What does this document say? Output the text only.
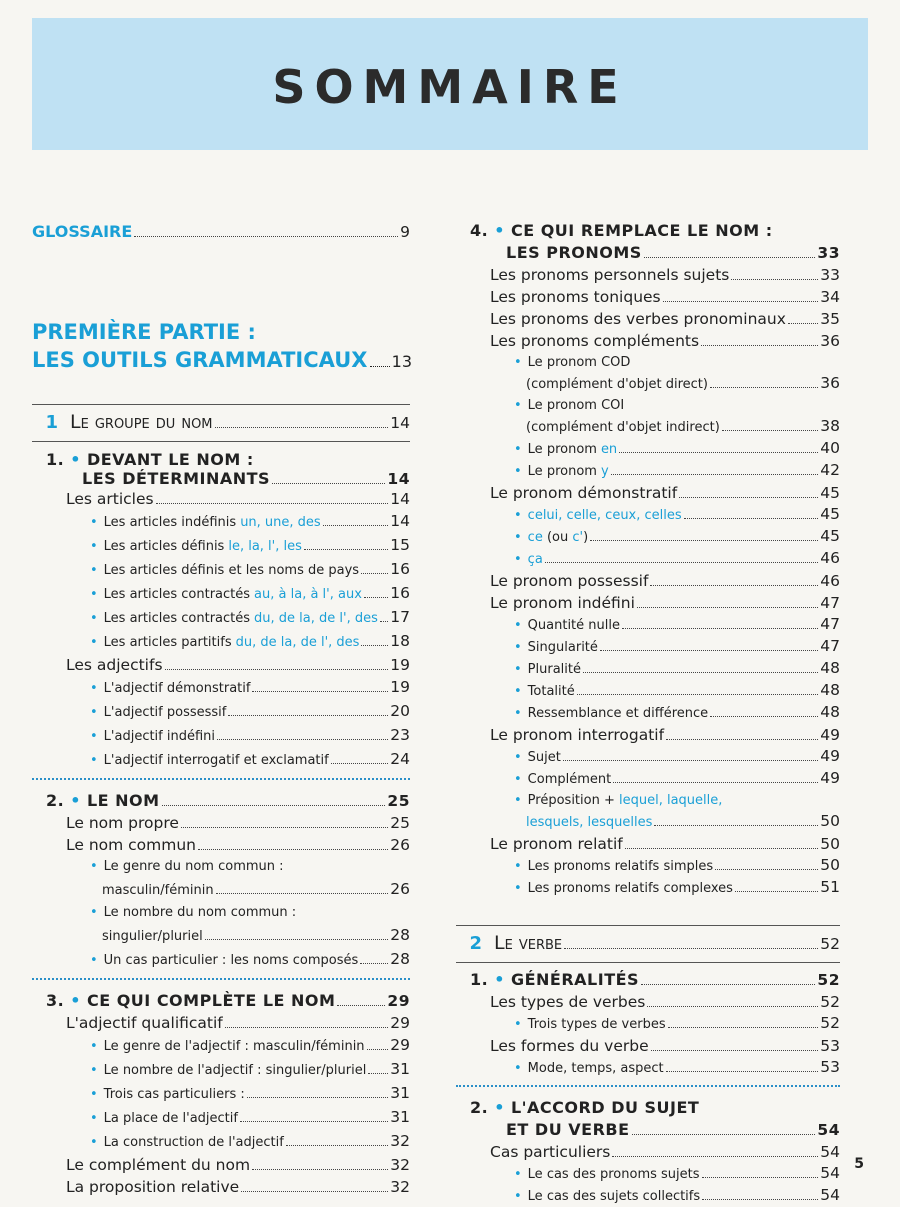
SOMMAIRE
GLOSSAIRE	9
PREMIÈRE PARTIE :
LES OUTILS GRAMMATICAUX 13
1 Le groupe du nom	14
1. • DEVANT LE NOM :
LES DÉTERMINANTS	14
Les articles	14
• Les articles indéfinis un, une, des	14
• Les articles définis le, la, l', les	15
• Les articles définis et les noms de pays 16
• Les articles contractés au, à la, à l', aux 16
• Les articles contractés du, de la, de l', des 17
• Les articles partitifs du, de la, de l', des 18
Les adjectifs	19
• L'adjectif démonstratif	19
• L'adjectif possessif	20
• L'adjectif indéfini	23
• L'adjectif interrogatif et exclamatif	24
2. • LE NOM	25
Le nom propre	25
Le nom commun	26
• Le genre du nom commun :
masculin/féminin	26
• Le nombre du nom commun :
singulier/pluriel	28
• Un cas particulier : les noms composés 28
3. • CE QUI COMPLÈTE LE NOM	29
L'adjectif qualificatif	29
• Le genre de l'adjectif : masculin/féminin 29
• Le nombre de l'adjectif : singulier/pluriel 31
• Trois cas particuliers :	31
• La place de l'adjectif	31
• La construction de l'adjectif	32
Le complément du nom	32
La proposition relative	32
4. • CE QUI REMPLACE LE NOM :
LES PRONOMS	33
Les pronoms personnels sujets	33
Les pronoms toniques	34
Les pronoms des verbes pronominaux 35
Les pronoms compléments	36
• Le pronom COD
(complément d'objet direct)	36
• Le pronom COI
(complément d'objet indirect)	38
• Le pronom en	40
• Le pronom y	42
Le pronom démonstratif	45
• celui, celle, ceux, celles	45
• ce (ou c' )	45
• ça	46
Le pronom possessif	46
Le pronom indéfini	47
• Quantité nulle	47
• Singularité	47
• Pluralité	48
• Totalité	48
• Ressemblance et différence	48
Le pronom interrogatif	49
• Sujet	49
• Complément	49
• Préposition + lequel, laquelle,
lesquels, lesquelles	50
Le pronom relatif	50
• Les pronoms relatifs simples	50
• Les pronoms relatifs complexes	51
2 Le verbe	52
1. • GÉNÉRALITÉS	52
Les types de verbes	52
• Trois types de verbes	52
Les formes du verbe	53
• Mode, temps, aspect	53
2. • L'ACCORD DU SUJET
ET DU VERBE	54
Cas particuliers	54
• Le cas des pronoms sujets	54
• Le cas des sujets collectifs	54
5
